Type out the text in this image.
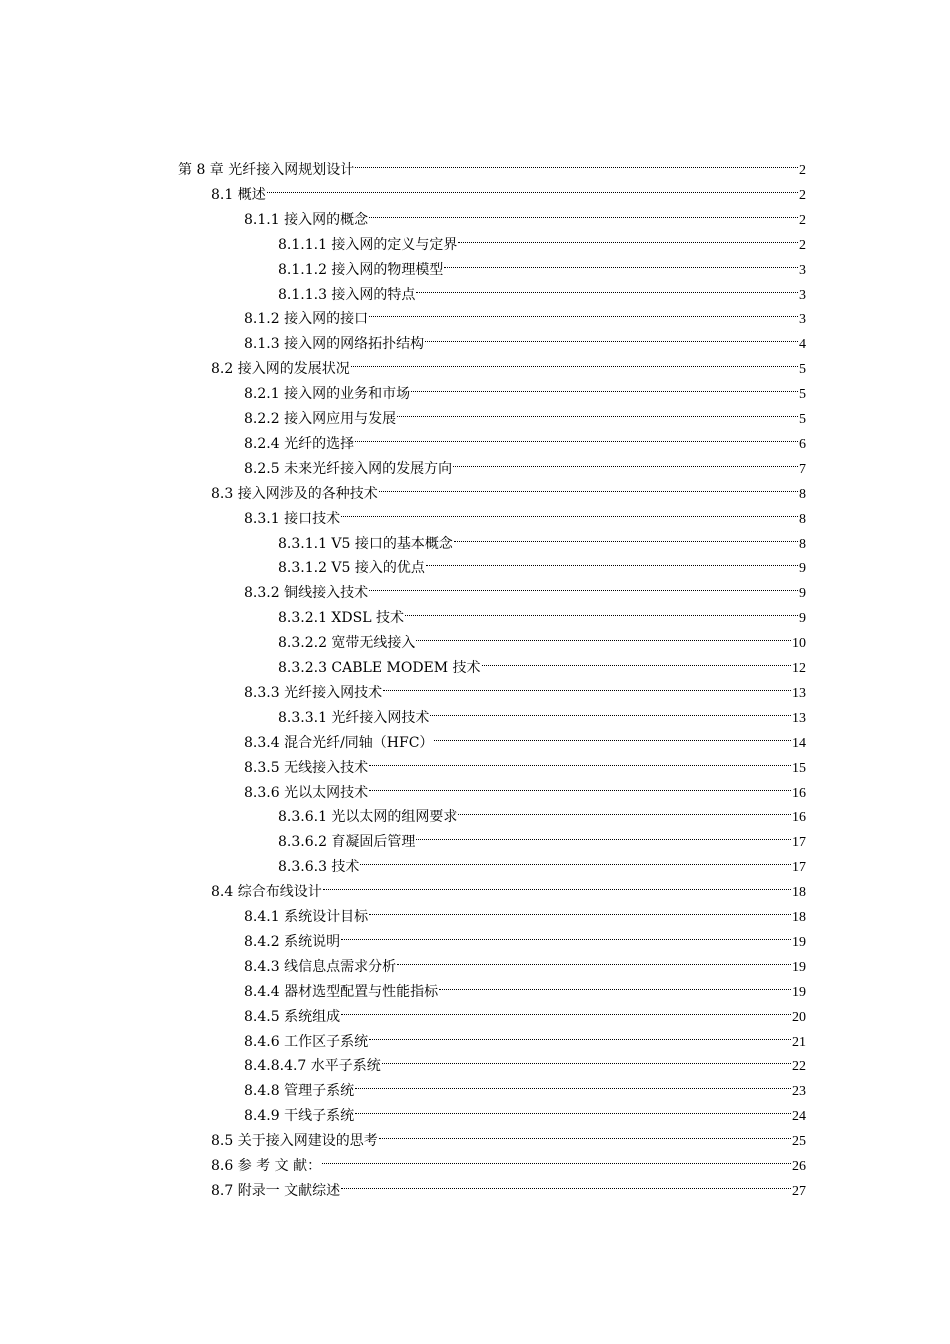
第 8 章 光纤接入网规划设计	2
8.1 概述	2
8.1.1 接入网的概念	2
8.1.1.1 接入网的定义与定界	2
8.1.1.2 接入网的物理模型	3
8.1.1.3 接入网的特点	3
8.1.2 接入网的接口	3
8.1.3 接入网的网络拓扑结构	4
8.2 接入网的发展状况	5
8.2.1 接入网的业务和市场	5
8.2.2 接入网应用与发展	5
8.2.4 光纤的选择	6
8.2.5 未来光纤接入网的发展方向	7
8.3 接入网涉及的各种技术	8
8.3.1 接口技术	8
8.3.1.1 V5 接口的基本概念	8
8.3.1.2 V5 接入的优点	9
8.3.2 铜线接入技术	9
8.3.2.1 XDSL 技术	9
8.3.2.2 宽带无线接入	10
8.3.2.3 CABLE MODEM 技术	12
8.3.3 光纤接入网技术	13
8.3.3.1 光纤接入网技术	13
8.3.4 混合光纤/同轴（HFC）	14
8.3.5 无线接入技术	15
8.3.6 光以太网技术	16
8.3.6.1 光以太网的组网要求	16
8.3.6.2 育凝固后管理	17
8.3.6.3 技术	17
8.4 综合布线设计	18
8.4.1 系统设计目标	18
8.4.2 系统说明	19
8.4.3 线信息点需求分析	19
8.4.4 器材选型配置与性能指标	19
8.4.5 系统组成	20
8.4.6 工作区子系统	21
8.4.8.4.7 水平子系统	22
8.4.8 管理子系统	23
8.4.9 干线子系统	24
8.5 关于接入网建设的思考	25
8.6 参 考 文 献：	26
8.7 附录一 文献综述	27
